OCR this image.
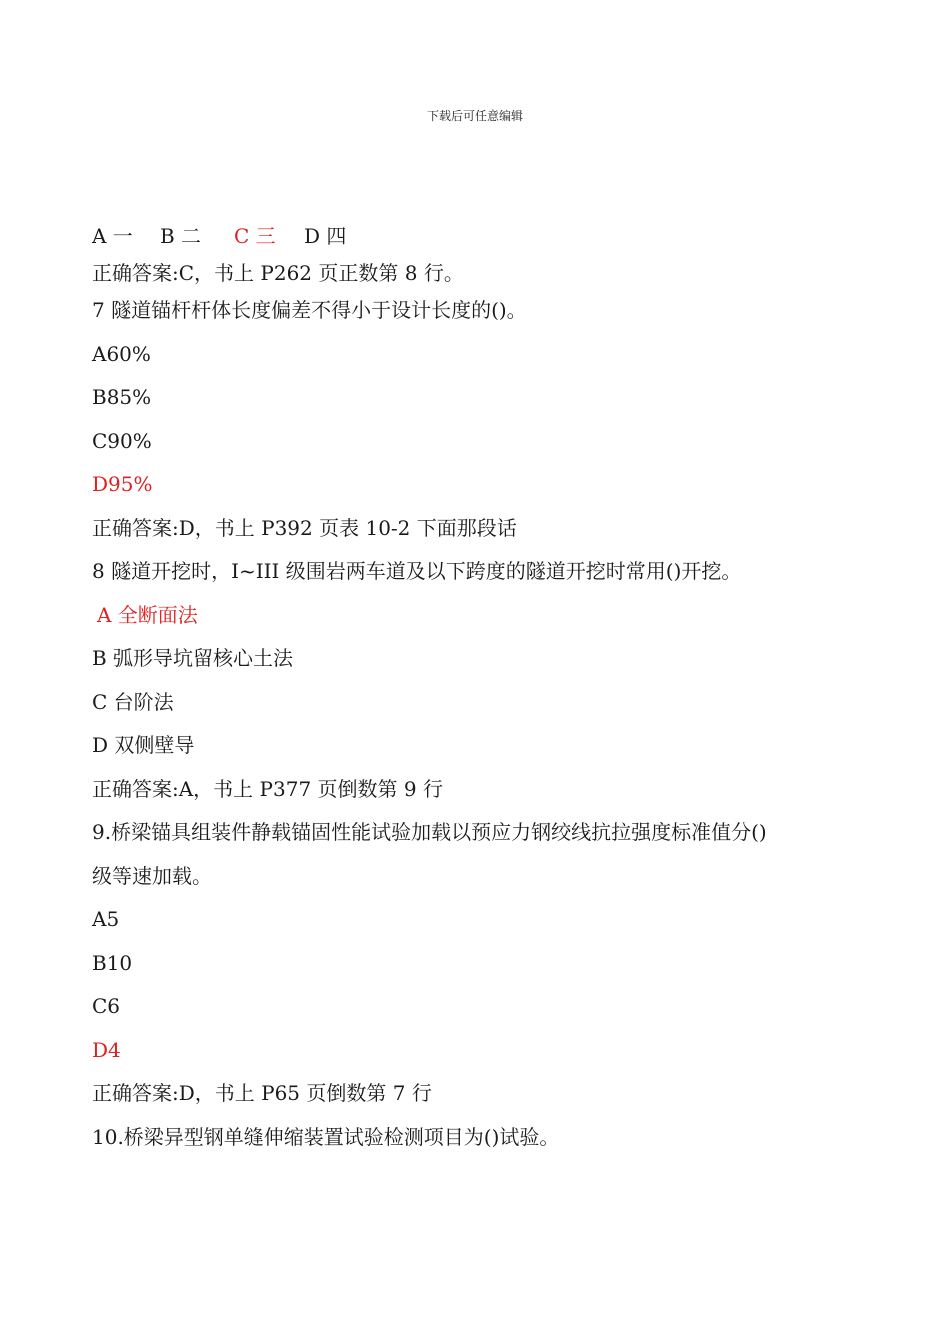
下载后可任意编辑
A 一 B 二 C 三 D 四
正确答案:C，书上 P262 页正数第 8 行。
7 隧道锚杆杆体长度偏差不得小于设计长度的()。
A60%
B85%
C90%
D95%
正确答案:D，书上 P392 页表 10-2 下面那段话
8 隧道开挖时，I~III 级围岩两车道及以下跨度的隧道开挖时常用()开挖。
A 全断面法
B 弧形导坑留核心土法
C 台阶法
D 双侧壁导
正确答案:A，书上 P377 页倒数第 9 行
9.桥梁锚具组装件静载锚固性能试验加载以预应力钢绞线抗拉强度标准值分()
级等速加载。
A5
B10
C6
D4
正确答案:D，书上 P65 页倒数第 7 行
10.桥梁异型钢单缝伸缩装置试验检测项目为()试验。
